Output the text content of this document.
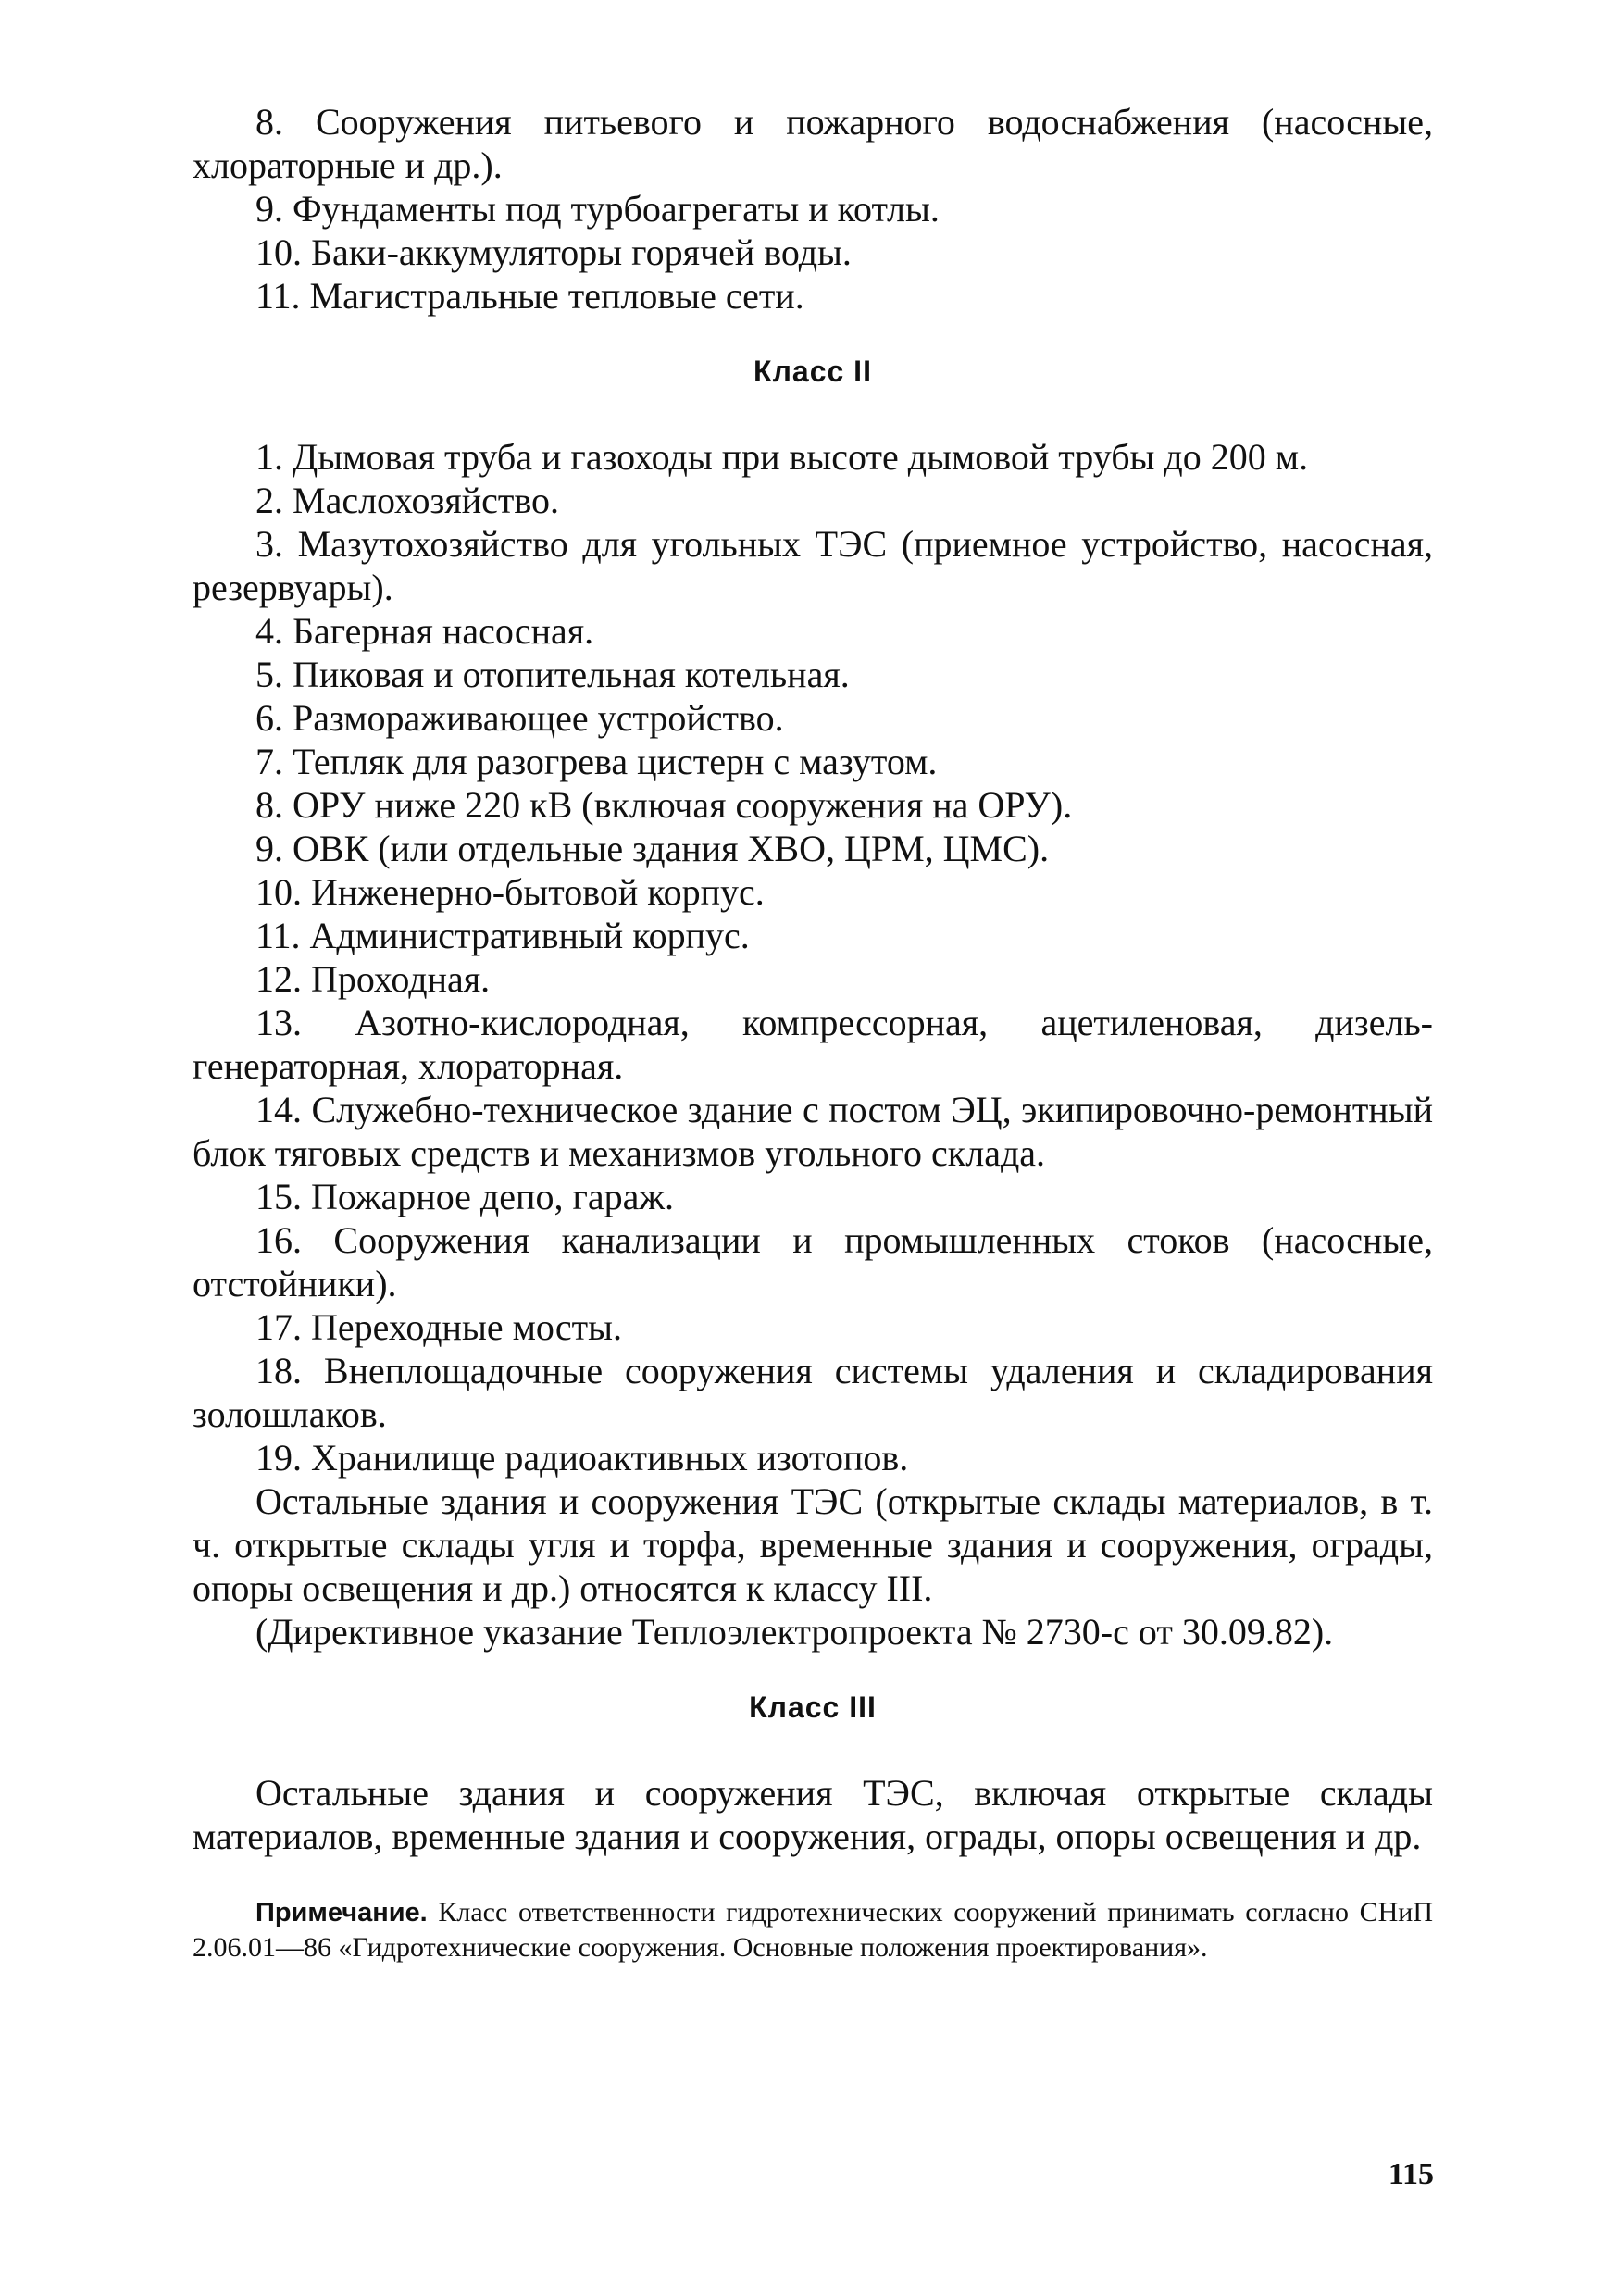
8. Сооружения питьевого и пожарного водоснабжения (насосные, хлораторные и др.).
9. Фундаменты под турбоагрегаты и котлы.
10. Баки-аккумуляторы горячей воды.
11. Магистральные тепловые сети.
Класс II
1. Дымовая труба и газоходы при высоте дымовой трубы до 200 м.
2. Маслохозяйство.
3. Мазутохозяйство для угольных ТЭС (приемное устройство, насосная, резервуары).
4. Багерная насосная.
5. Пиковая и отопительная котельная.
6. Размораживающее устройство.
7. Тепляк для разогрева цистерн с мазутом.
8. ОРУ ниже 220 кВ (включая сооружения на ОРУ).
9. ОВК (или отдельные здания ХВО, ЦРМ, ЦМС).
10. Инженерно-бытовой корпус.
11. Административный корпус.
12. Проходная.
13. Азотно-кислородная, компрессорная, ацетиленовая, дизель-генераторная, хлораторная.
14. Служебно-техническое здание с постом ЭЦ, экипировочно-ремонтный блок тяговых средств и механизмов угольного склада.
15. Пожарное депо, гараж.
16. Сооружения канализации и промышленных стоков (насосные, отстойники).
17. Переходные мосты.
18. Внеплощадочные сооружения системы удаления и складирования золошлаков.
19. Хранилище радиоактивных изотопов.
Остальные здания и сооружения ТЭС (открытые склады материалов, в т. ч. открытые склады угля и торфа, временные здания и сооружения, ограды, опоры освещения и др.) относятся к классу III.
(Директивное указание Теплоэлектропроекта № 2730-с от 30.09.82).
Класс III
Остальные здания и сооружения ТЭС, включая открытые склады материалов, временные здания и сооружения, ограды, опоры освещения и др.
Примечание. Класс ответственности гидротехнических сооружений принимать согласно СНиП 2.06.01—86 «Гидротехнические сооружения. Основные положения проектирования».
115
